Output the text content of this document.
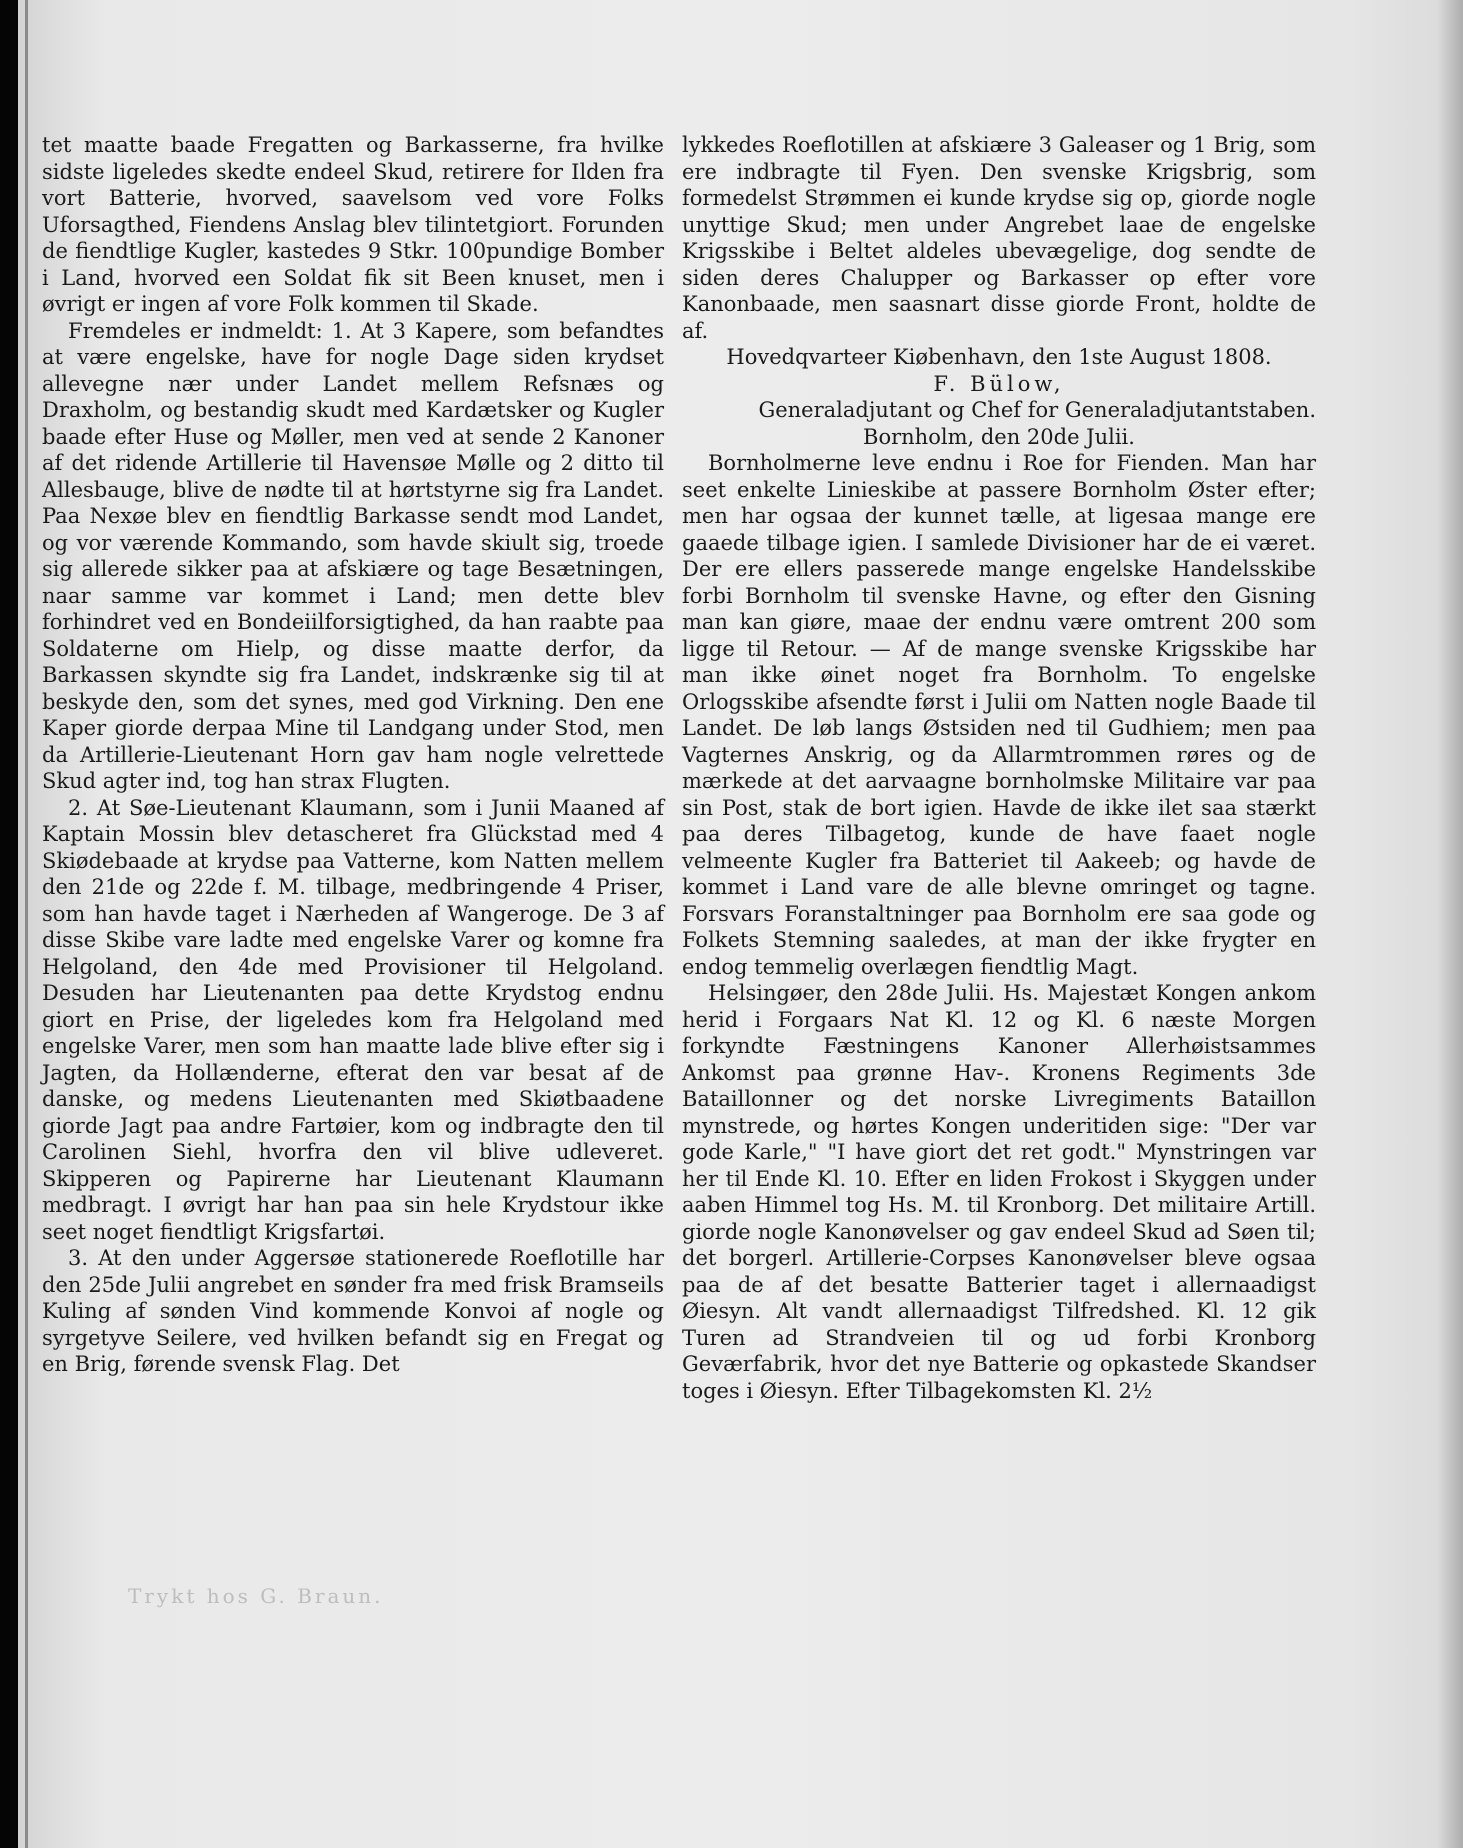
tet maatte baade Fregatten og Barkasserne, fra hvilke sidste ligeledes skedte endeel Skud, retirere for Ilden fra vort Batterie, hvorved, saavelsom ved vore Folks Uforsagthed, Fiendens Anslag blev tilintetgiort. Forunden de fiendtlige Kugler, kastedes 9 Stkr. 100pundige Bomber i Land, hvorved een Soldat fik sit Been knuset, men i øvrigt er ingen af vore Folk kommen til Skade.

Fremdeles er indmeldt: 1. At 3 Kapere, som befandtes at være engelske, have for nogle Dage siden krydset allevegne nær under Landet mellem Refsnæs og Draxholm, og bestandig skudt med Kardætsker og Kugler baade efter Huse og Møller, men ved at sende 2 Kanoner af det ridende Artillerie til Havensøe Mølle og 2 ditto til Allesbauge, blive de nødte til at hørtstyrne sig fra Landet. Paa Nexøe blev en fiendtlig Barkasse sendt mod Landet, og vor værende Kommando, som havde skiult sig, troede sig allerede sikker paa at afskiære og tage Besætningen, naar samme var kommet i Land; men dette blev forhindret ved en Bondeiilforsigtighed, da han raabte paa Soldaterne om Hielp, og disse maatte derfor, da Barkassen skyndte sig fra Landet, indskrænke sig til at beskyde den, som det synes, med god Virkning. Den ene Kaper giorde derpaa Mine til Landgang under Stod, men da Artillerie-Lieutenant Horn gav ham nogle velrettede Skud agter ind, tog han strax Flugten.

2. At Søe-Lieutenant Klaumann, som i Junii Maaned af Kaptain Mossin blev detascheret fra Glückstad med 4 Skiødebaade at krydse paa Vatterne, kom Natten mellem den 21de og 22de f. M. tilbage, medbringende 4 Priser, som han havde taget i Nærheden af Wangeroge. De 3 af disse Skibe vare ladte med engelske Varer og komne fra Helgoland, den 4de med Provisioner til Helgoland. Desuden har Lieutenanten paa dette Krydstog endnu giort en Prise, der ligeledes kom fra Helgoland med engelske Varer, men som han maatte lade blive efter sig i Jagten, da Hollænderne, efterat den var besat af de danske, og medens Lieutenanten med Skiøtbaadene giorde Jagt paa andre Fartøier, kom og indbragte den til Carolinen Siehl, hvorfra den vil blive udleveret. Skipperen og Papirerne har Lieutenant Klaumann medbragt. I øvrigt har han paa sin hele Krydstour ikke seet noget fiendtligt Krigsfartøi.

3. At den under Aggersøe stationerede Roeflotille har den 25de Julii angrebet en sønder fra med frisk Bramseils Kuling af sønden Vind kommende Konvoi af nogle og syrgetyve Seilere, ved hvilken befandt sig en Fregat og en Brig, førende svensk Flag. Det

lykkedes Roeflotillen at afskiære 3 Galeaser og 1 Brig, som ere indbragte til Fyen. Den svenske Krigsbrig, som formedelst Strømmen ei kunde krydse sig op, giorde nogle unyttige Skud; men under Angrebet laae de engelske Krigsskibe i Beltet aldeles ubevægelige, dog sendte de siden deres Chalupper og Barkasser op efter vore Kanonbaade, men saasnart disse giorde Front, holdte de af.

Hovedqvarteer Kiøbenhavn, den 1ste August 1808.

F. Bülow,

Generaladjutant og Chef for Generaladjutantstaben.

Bornholm, den 20de Julii.

Bornholmerne leve endnu i Roe for Fienden. Man har seet enkelte Linieskibe at passere Bornholm Øster efter; men har ogsaa der kunnet tælle, at ligesaa mange ere gaaede tilbage igien. I samlede Divisioner har de ei været. Der ere ellers passerede mange engelske Handelsskibe forbi Bornholm til svenske Havne, og efter den Gisning man kan giøre, maae der endnu være omtrent 200 som ligge til Retour. — Af de mange svenske Krigsskibe har man ikke øinet noget fra Bornholm. To engelske Orlogsskibe afsendte først i Julii om Natten nogle Baade til Landet. De løb langs Østsiden ned til Gudhiem; men paa Vagternes Anskrig, og da Allarmtrommen røres og de mærkede at det aarvaagne bornholmske Militaire var paa sin Post, stak de bort igien. Havde de ikke ilet saa stærkt paa deres Tilbagetog, kunde de have faaet nogle velmeente Kugler fra Batteriet til Aakeeb; og havde de kommet i Land vare de alle blevne omringet og tagne. Forsvars Foranstaltninger paa Bornholm ere saa gode og Folkets Stemning saaledes, at man der ikke frygter en endog temmelig overlægen fiendtlig Magt.

Helsingøer, den 28de Julii. Hs. Majestæt Kongen ankom herid i Forgaars Nat Kl. 12 og Kl. 6 næste Morgen forkyndte Fæstningens Kanoner Allerhøistsammes Ankomst paa grønne Hav-. Kronens Regiments 3de Bataillonner og det norske Livregiments Bataillon mynstrede, og hørtes Kongen underitiden sige: "Der var gode Karle," "I have giort det ret godt." Mynstringen var her til Ende Kl. 10. Efter en liden Frokost i Skyggen under aaben Himmel tog Hs. M. til Kronborg. Det militaire Artill. giorde nogle Kanonøvelser og gav endeel Skud ad Søen til; det borgerl. Artillerie-Corpses Kanonøvelser bleve ogsaa paa de af det besatte Batterier taget i allernaadigst Øiesyn. Alt vandt allernaadigst Tilfredshed. Kl. 12 gik Turen ad Strandveien til og ud forbi Kronborg Geværfabrik, hvor det nye Batterie og opkastede Skandser toges i Øiesyn. Efter Tilbagekomsten Kl. 2½

Trykt hos G. Braun.
